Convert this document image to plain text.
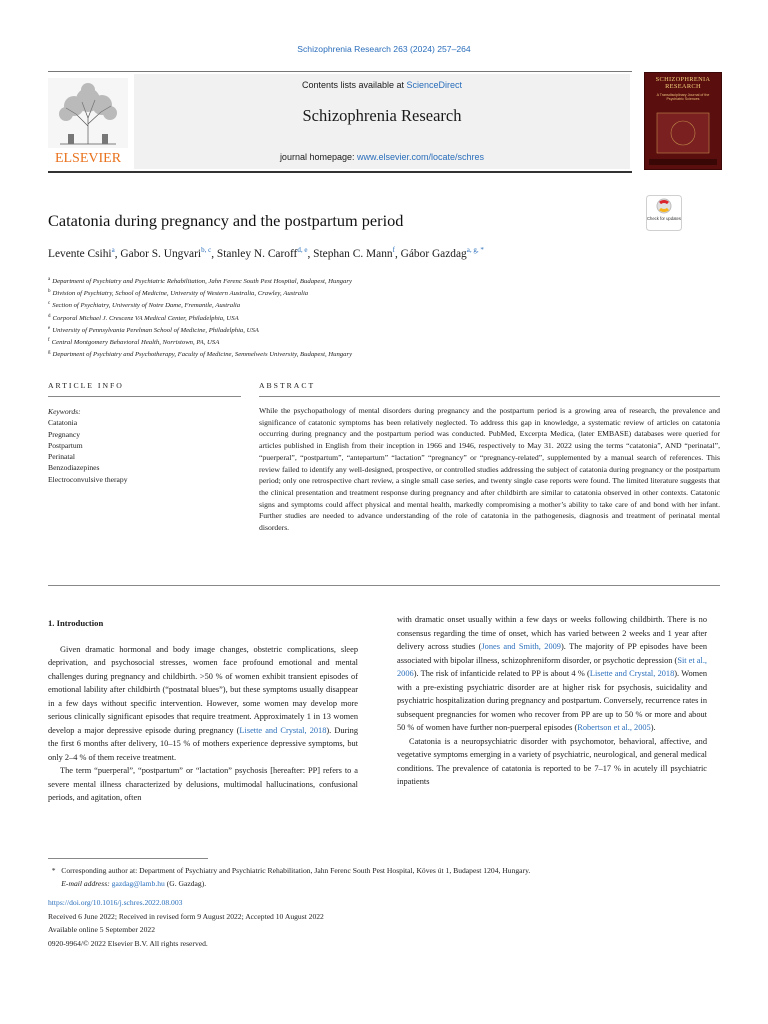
Schizophrenia Research 263 (2024) 257–264
ELSEVIER
Contents lists available at ScienceDirect
Schizophrenia Research
journal homepage: www.elsevier.com/locate/schres
SCHIZOPHRENIA RESEARCH
A Transdisciplinary Journal of the Psychiatric Sciences
Catatonia during pregnancy and the postpartum period	Check for updates
Levente Csihi$^a$, Gabor S. Ungvari$^{b, c}$, Stanley N. Caroff$^{d, e}$, Stephan C. Mann$^f$, Gábor Gazdag$^{a, g, *}$
$^a$ Department of Psychiatry and Psychiatric Rehabilitation, Jahn Ferenc South Pest Hospital, Budapest, Hungary
$^b$ Division of Psychiatry, School of Medicine, University of Western Australia, Crawley, Australia
$^c$ Section of Psychiatry, University of Notre Dame, Fremantle, Australia
$^d$ Corporal Michael J. Crescenz VA Medical Center, Philadelphia, USA
$^e$ University of Pennsylvania Perelman School of Medicine, Philadelphia, USA
$^f$ Central Montgomery Behavioral Health, Norristown, PA, USA
$^g$ Department of Psychiatry and Psychotherapy, Faculty of Medicine, Semmelweis University, Budapest, Hungary
ARTICLE INFO	ABSTRACT
Keywords:
Catatonia
Pregnancy
Postpartum
Perinatal
Benzodiazepines
Electroconvulsive therapy
While the psychopathology of mental disorders during pregnancy and the postpartum period is a growing area of research, the prevalence and significance of catatonic symptoms has been relatively neglected. To address this gap in knowledge, a systematic review of articles on catatonia occurring during pregnancy and the postpartum period was conducted. PubMed, Excerpta Medica, (later EMBASE) databases were queried for articles published in English from their inception in 1966 and 1946, respectively to May 31. 2022 using the terms “catatonia”, AND “perinatal”, “puerperal”, “postpartum”, “antepartum” “lactation” “pregnancy” or “pregnancy-related”, supplemented by a manual search of references. This review failed to identify any well-designed, prospective, or controlled studies addressing the subject of catatonia during pregnancy or the postpartum period; only one retrospective chart review, a single small case series, and twenty single case reports were found. The limited literature suggests that the clinical presentation and treatment response during pregnancy and after childbirth are similar to catatonia observed in other contexts. Catatonic signs and symptoms could affect physical and mental health, markedly compromising a mother’s ability to take care of and bond with her infant. Further studies are needed to advance understanding of the role of catatonia in the pathogenesis, diagnosis and treatment of perinatal mental disorders.

1. Introduction

Given dramatic hormonal and body image changes, obstetric complications, sleep deprivation, and psychosocial stresses, women face profound emotional and mental challenges during pregnancy and childbirth. >50 % of women exhibit transient episodes of emotional lability after childbirth (“postnatal blues”), but these symptoms usually disappear in a few days without specific intervention. However, some women may develop more serious clinically significant episodes that require treatment. Approximately 1 in 13 women develop a major depressive episode during pregnancy (Lisette and Crystal, 2018). During the first 6 months after delivery, 10–15 % of mothers experience depressive symptoms, but only 2–4 % of them receive treatment.

The term “puerperal”, “postpartum” or “lactation” psychosis [hereafter: PP] refers to a severe mental illness characterized by delusions, multimodal hallucinations, confusional periods, and agitation, often

with dramatic onset usually within a few days or weeks following childbirth. There is no consensus regarding the time of onset, which has varied between 2 weeks and 1 year after delivery across studies (Jones and Smith, 2009). The majority of PP episodes have been associated with bipolar illness, schizophreniform disorder, or psychotic depression (Sit et al., 2006). The risk of infanticide related to PP is about 4 % (Lisette and Crystal, 2018). Women with a pre-existing psychiatric disorder are at higher risk for psychosis, suicidality and psychiatric hospitalization during pregnancy and postpartum. Conversely, recurrence rates in subsequent pregnancies for women who recover from PP are up to 50 % or more and about 50 % of women have further non-puerperal episodes (Robertson et al., 2005).

Catatonia is a neuropsychiatric disorder with psychomotor, behavioral, affective, and vegetative symptoms emerging in a variety of psychiatric, neurological, and general medical conditions. The prevalence of catatonia is reported to be 7–17 % in acutely ill psychiatric inpatients

* Corresponding author at: Department of Psychiatry and Psychiatric Rehabilitation, Jahn Ferenc South Pest Hospital, Köves út 1, Budapest 1204, Hungary.
E-mail address: gazdag@lamb.hu (G. Gazdag).
https://doi.org/10.1016/j.schres.2022.08.003
Received 6 June 2022; Received in revised form 9 August 2022; Accepted 10 August 2022
Available online 5 September 2022
0920-9964/© 2022 Elsevier B.V. All rights reserved.
